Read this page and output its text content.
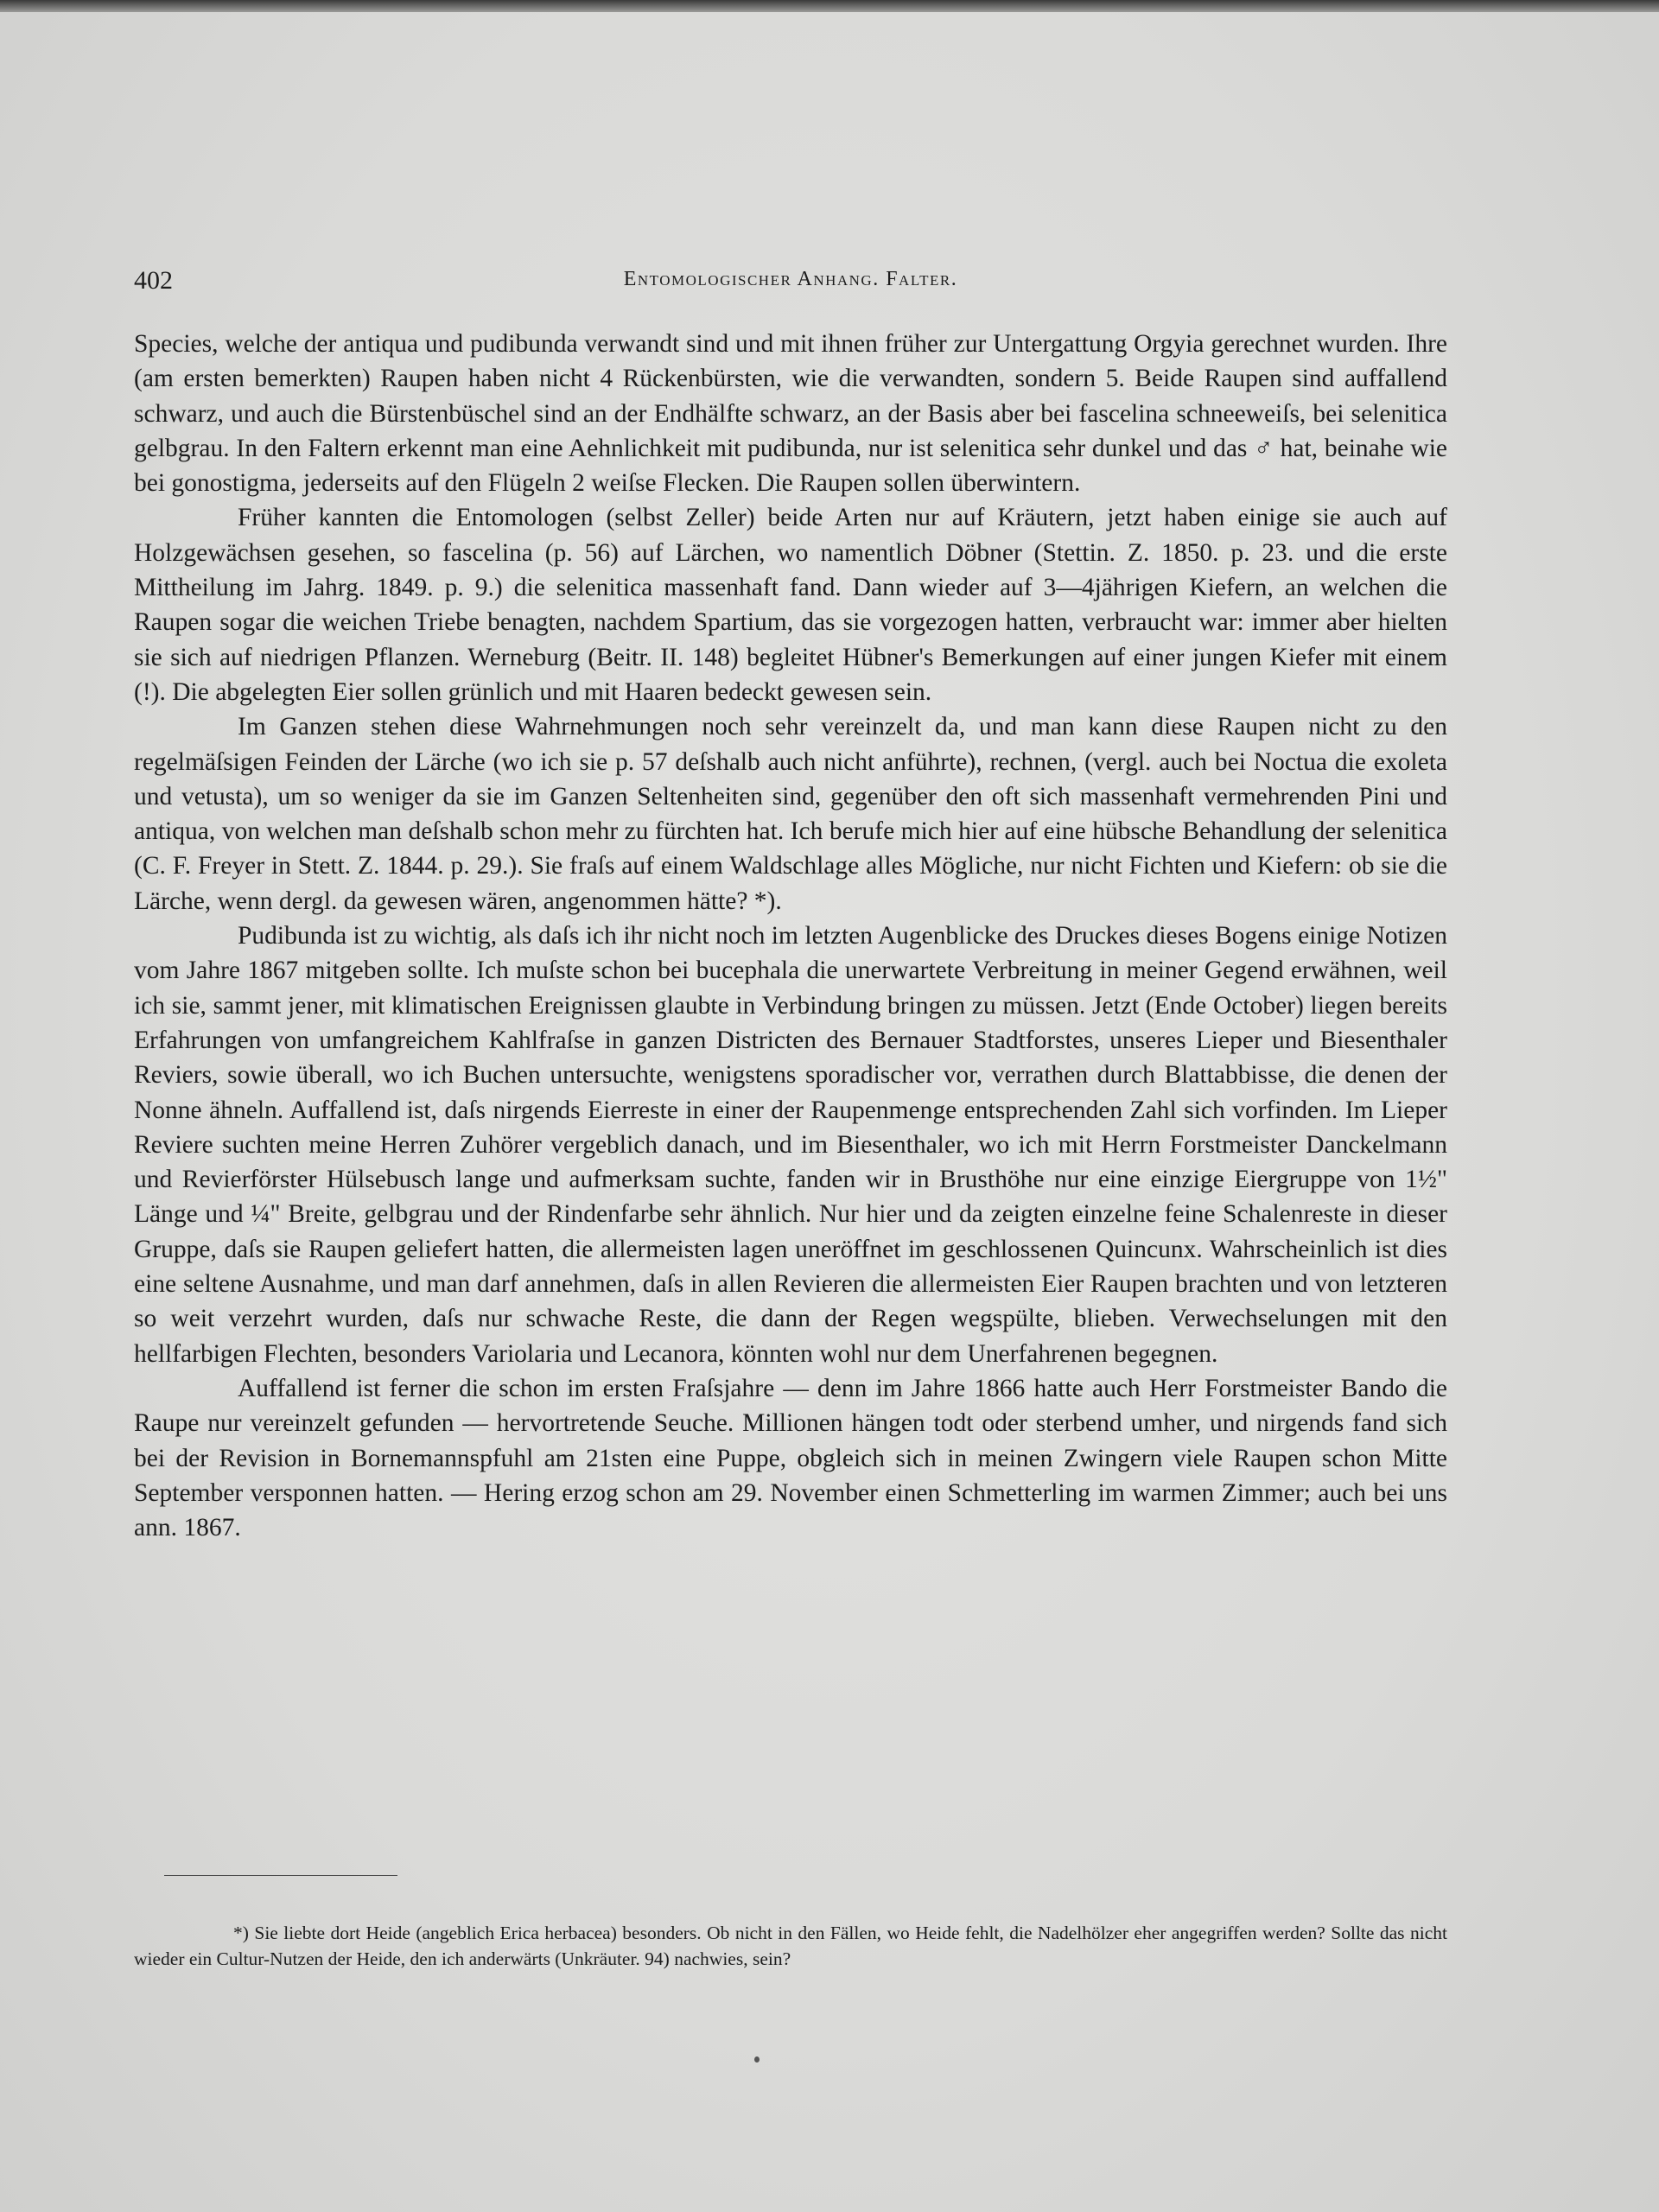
402	Entomologischer Anhang. Falter.

Species, welche der antiqua und pudibunda verwandt sind und mit ihnen früher zur Untergattung Orgyia gerechnet wurden. Ihre (am ersten bemerkten) Raupen haben nicht 4 Rückenbürsten, wie die verwandten, sondern 5. Beide Raupen sind auffallend schwarz, und auch die Bürstenbüschel sind an der Endhälfte schwarz, an der Basis aber bei fascelina schneeweiſs, bei selenitica gelbgrau. In den Faltern erkennt man eine Aehnlichkeit mit pudibunda, nur ist selenitica sehr dunkel und das ♂ hat, beinahe wie bei gonostigma, jederseits auf den Flügeln 2 weiſse Flecken. Die Raupen sollen überwintern.

Früher kannten die Entomologen (selbst Zeller) beide Arten nur auf Kräutern, jetzt haben einige sie auch auf Holzgewächsen gesehen, so fascelina (p. 56) auf Lärchen, wo namentlich Döbner (Stettin. Z. 1850. p. 23. und die erste Mittheilung im Jahrg. 1849. p. 9.) die selenitica massenhaft fand. Dann wieder auf 3—4jährigen Kiefern, an welchen die Raupen sogar die weichen Triebe benagten, nachdem Spartium, das sie vorgezogen hatten, verbraucht war: immer aber hielten sie sich auf niedrigen Pflanzen. Werneburg (Beitr. II. 148) begleitet Hübner's Bemerkungen auf einer jungen Kiefer mit einem (!). Die abgelegten Eier sollen grünlich und mit Haaren bedeckt gewesen sein.

Im Ganzen stehen diese Wahrnehmungen noch sehr vereinzelt da, und man kann diese Raupen nicht zu den regelmäſsigen Feinden der Lärche (wo ich sie p. 57 deſshalb auch nicht anführte), rechnen, (vergl. auch bei Noctua die exoleta und vetusta), um so weniger da sie im Ganzen Seltenheiten sind, gegenüber den oft sich massenhaft vermehrenden Pini und antiqua, von welchen man deſshalb schon mehr zu fürchten hat. Ich berufe mich hier auf eine hübsche Behandlung der selenitica (C. F. Freyer in Stett. Z. 1844. p. 29.). Sie fraſs auf einem Waldschlage alles Mögliche, nur nicht Fichten und Kiefern: ob sie die Lärche, wenn dergl. da gewesen wären, angenommen hätte? *).

Pudibunda ist zu wichtig, als daſs ich ihr nicht noch im letzten Augenblicke des Druckes dieses Bogens einige Notizen vom Jahre 1867 mitgeben sollte. Ich muſste schon bei bucephala die unerwartete Verbreitung in meiner Gegend erwähnen, weil ich sie, sammt jener, mit klimatischen Ereignissen glaubte in Verbindung bringen zu müssen. Jetzt (Ende October) liegen bereits Erfahrungen von umfangreichem Kahlfraſse in ganzen Districten des Bernauer Stadtforstes, unseres Lieper und Biesenthaler Reviers, sowie überall, wo ich Buchen untersuchte, wenigstens sporadischer vor, verrathen durch Blattabbisse, die denen der Nonne ähneln. Auffallend ist, daſs nirgends Eierreste in einer der Raupenmenge entsprechenden Zahl sich vorfinden. Im Lieper Reviere suchten meine Herren Zuhörer vergeblich danach, und im Biesenthaler, wo ich mit Herrn Forstmeister Danckelmann und Revierförster Hülsebusch lange und aufmerksam suchte, fanden wir in Brusthöhe nur eine einzige Eiergruppe von 1½" Länge und ¼" Breite, gelbgrau und der Rindenfarbe sehr ähnlich. Nur hier und da zeigten einzelne feine Schalenreste in dieser Gruppe, daſs sie Raupen geliefert hatten, die allermeisten lagen uneröffnet im geschlossenen Quincunx. Wahrscheinlich ist dies eine seltene Ausnahme, und man darf annehmen, daſs in allen Revieren die allermeisten Eier Raupen brachten und von letzteren so weit verzehrt wurden, daſs nur schwache Reste, die dann der Regen wegspülte, blieben. Verwechselungen mit den hellfarbigen Flechten, besonders Variolaria und Lecanora, könnten wohl nur dem Unerfahrenen begegnen.

Auffallend ist ferner die schon im ersten Fraſsjahre — denn im Jahre 1866 hatte auch Herr Forstmeister Bando die Raupe nur vereinzelt gefunden — hervortretende Seuche. Millionen hängen todt oder sterbend umher, und nirgends fand sich bei der Revision in Bornemannspfuhl am 21sten eine Puppe, obgleich sich in meinen Zwingern viele Raupen schon Mitte September versponnen hatten. — Hering erzog schon am 29. November einen Schmetterling im warmen Zimmer; auch bei uns ann. 1867.

*) Sie liebte dort Heide (angeblich Erica herbacea) besonders. Ob nicht in den Fällen, wo Heide fehlt, die Nadelhölzer eher angegriffen werden? Sollte das nicht wieder ein Cultur-Nutzen der Heide, den ich anderwärts (Unkräuter. 94) nachwies, sein?
